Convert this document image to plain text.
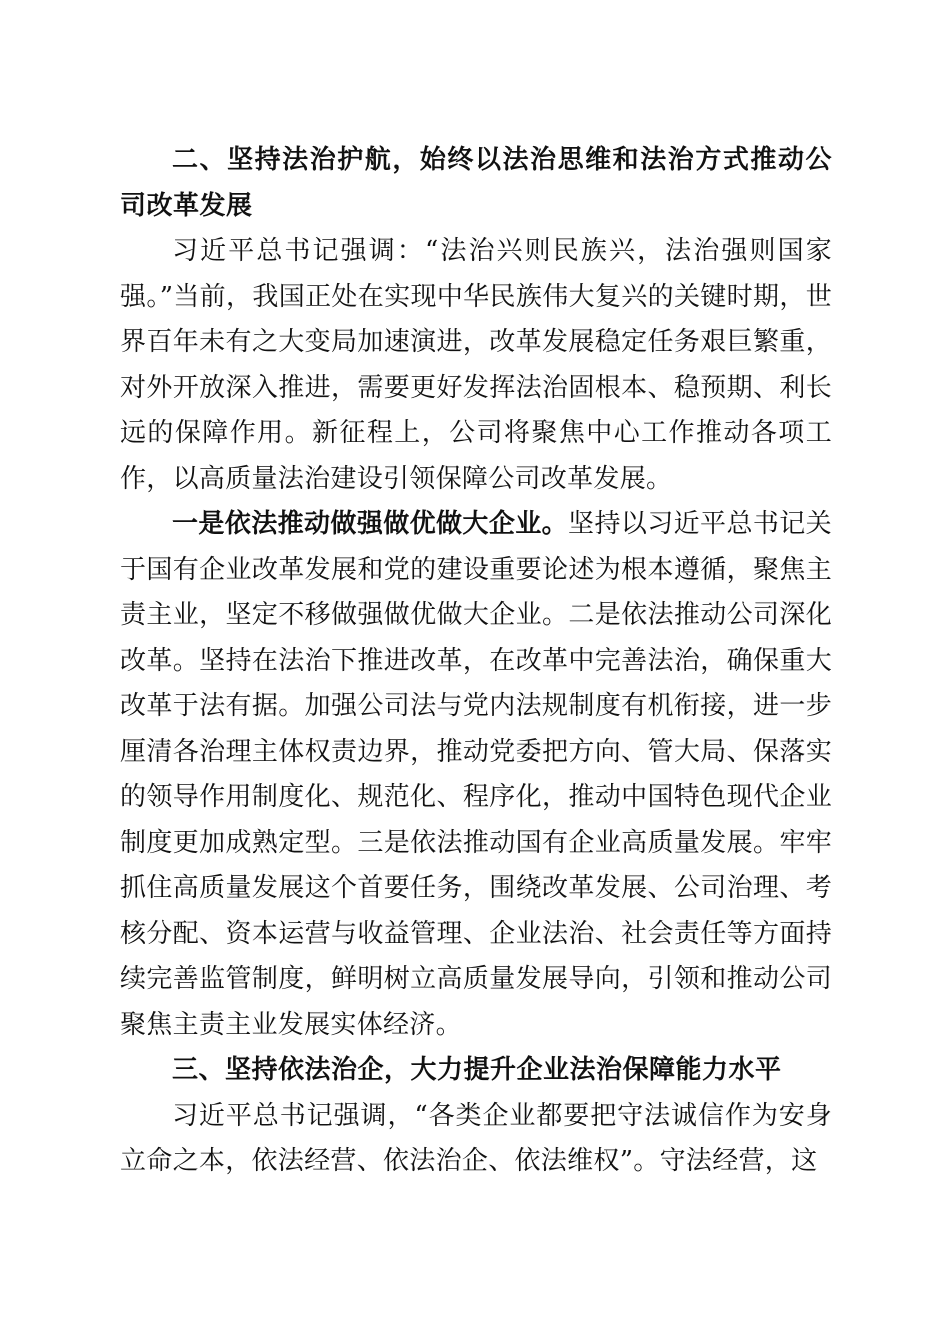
二、坚持法治护航，始终以法治思维和法治方式推动公司改革发展

习近平总书记强调：“法治兴则民族兴，法治强则国家强。”当前，我国正处在实现中华民族伟大复兴的关键时期，世界百年未有之大变局加速演进，改革发展稳定任务艰巨繁重，对外开放深入推进，需要更好发挥法治固根本、稳预期、利长远的保障作用。新征程上，公司将聚焦中心工作推动各项工作，以高质量法治建设引领保障公司改革发展。

一是依法推动做强做优做大企业。坚持以习近平总书记关于国有企业改革发展和党的建设重要论述为根本遵循，聚焦主责主业，坚定不移做强做优做大企业。二是依法推动公司深化改革。坚持在法治下推进改革，在改革中完善法治，确保重大改革于法有据。加强公司法与党内法规制度有机衔接，进一步厘清各治理主体权责边界，推动党委把方向、管大局、保落实的领导作用制度化、规范化、程序化，推动中国特色现代企业制度更加成熟定型。三是依法推动国有企业高质量发展。牢牢抓住高质量发展这个首要任务，围绕改革发展、公司治理、考核分配、资本运营与收益管理、企业法治、社会责任等方面持续完善监管制度，鲜明树立高质量发展导向，引领和推动公司聚焦主责主业发展实体经济。

三、坚持依法治企，大力提升企业法治保障能力水平

习近平总书记强调，“各类企业都要把守法诚信作为安身立命之本，依法经营、依法治企、依法维权”。守法经营，这
